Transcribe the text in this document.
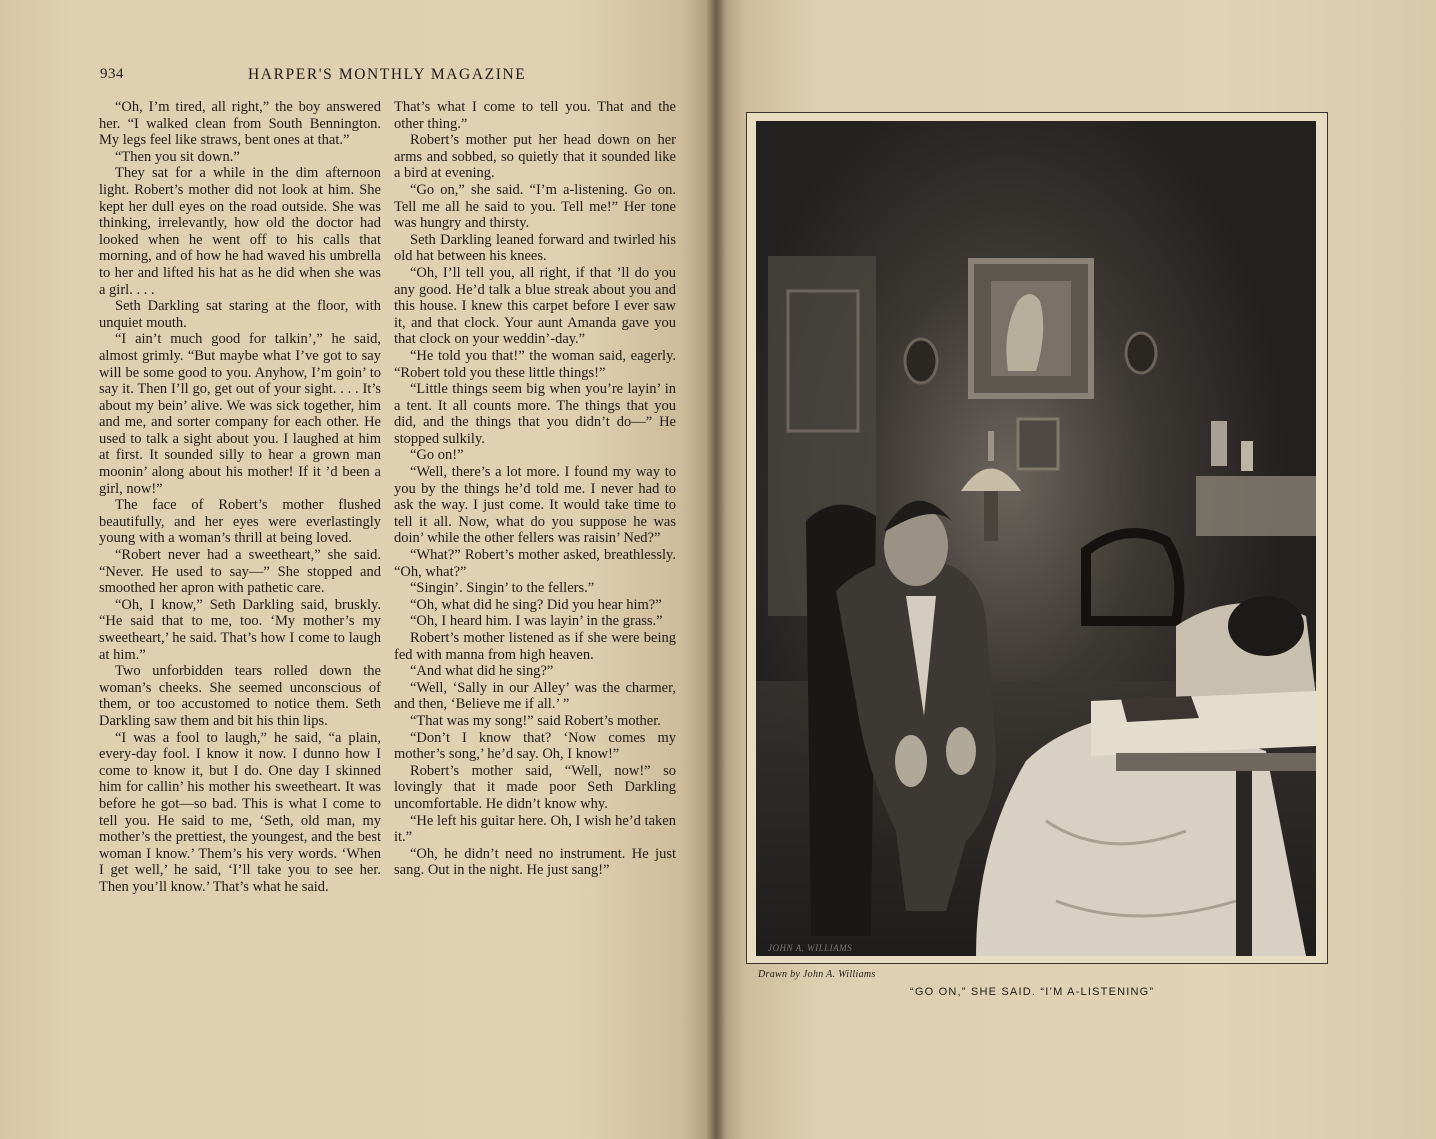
934	HARPER'S MONTHLY MAGAZINE

“Oh, I’m tired, all right,” the boy answered her. “I walked clean from South Bennington. My legs feel like straws, bent ones at that.”

“Then you sit down.”

They sat for a while in the dim afternoon light. Robert’s mother did not look at him. She kept her dull eyes on the road outside. She was thinking, irrelevantly, how old the doctor had looked when he went off to his calls that morning, and of how he had waved his umbrella to her and lifted his hat as he did when she was a girl. . . .

Seth Darkling sat staring at the floor, with unquiet mouth.

“I ain’t much good for talkin’,” he said, almost grimly. “But maybe what I’ve got to say will be some good to you. Anyhow, I’m goin’ to say it. Then I’ll go, get out of your sight. . . . It’s about my bein’ alive. We was sick together, him and me, and sorter company for each other. He used to talk a sight about you. I laughed at him at first. It sounded silly to hear a grown man moonin’ along about his mother! If it ’d been a girl, now!”

The face of Robert’s mother flushed beautifully, and her eyes were everlastingly young with a woman’s thrill at being loved.

“Robert never had a sweetheart,” she said. “Never. He used to say—” She stopped and smoothed her apron with pathetic care.

“Oh, I know,” Seth Darkling said, bruskly. “He said that to me, too. ‘My mother’s my sweetheart,’ he said. That’s how I come to laugh at him.”

Two unforbidden tears rolled down the woman’s cheeks. She seemed unconscious of them, or too accustomed to notice them. Seth Darkling saw them and bit his thin lips.

“I was a fool to laugh,” he said, “a plain, every-day fool. I know it now. I dunno how I come to know it, but I do. One day I skinned him for callin’ his mother his sweetheart. It was before he got—so bad. This is what I come to tell you. He said to me, ‘Seth, old man, my mother’s the prettiest, the youngest, and the best woman I know.’ Them’s his very words. ‘When I get well,’ he said, ‘I’ll take you to see her. Then you’ll know.’ That’s what he said.

That’s what I come to tell you. That and the other thing.”

Robert’s mother put her head down on her arms and sobbed, so quietly that it sounded like a bird at evening.

“Go on,” she said. “I’m a-listening. Go on. Tell me all he said to you. Tell me!” Her tone was hungry and thirsty.

Seth Darkling leaned forward and twirled his old hat between his knees.

“Oh, I’ll tell you, all right, if that ’ll do you any good. He’d talk a blue streak about you and this house. I knew this carpet before I ever saw it, and that clock. Your aunt Amanda gave you that clock on your weddin’-day.”

“He told you that!” the woman said, eagerly. “Robert told you these little things!”

“Little things seem big when you’re layin’ in a tent. It all counts more. The things that you did, and the things that you didn’t do—” He stopped sulkily.

“Go on!”

“Well, there’s a lot more. I found my way to you by the things he’d told me. I never had to ask the way. I just come. It would take time to tell it all. Now, what do you suppose he was doin’ while the other fellers was raisin’ Ned?”

“What?” Robert’s mother asked, breathlessly. “Oh, what?”

“Singin’. Singin’ to the fellers.”

“Oh, what did he sing? Did you hear him?”

“Oh, I heard him. I was layin’ in the grass.”

Robert’s mother listened as if she were being fed with manna from high heaven.

“And what did he sing?”

“Well, ‘Sally in our Alley’ was the charmer, and then, ‘Believe me if all.’ ”

“That was my song!” said Robert’s mother.

“Don’t I know that? ‘Now comes my mother’s song,’ he’d say. Oh, I know!”

Robert’s mother said, “Well, now!” so lovingly that it made poor Seth Darkling uncomfortable. He didn’t know why.

“He left his guitar here. Oh, I wish he’d taken it.”

“Oh, he didn’t need no instrument. He just sang. Out in the night. He just sang!”

JOHN A. WILLIAMS
Drawn by John A. Williams
“GO ON,” SHE SAID. “I’M A-LISTENING”
